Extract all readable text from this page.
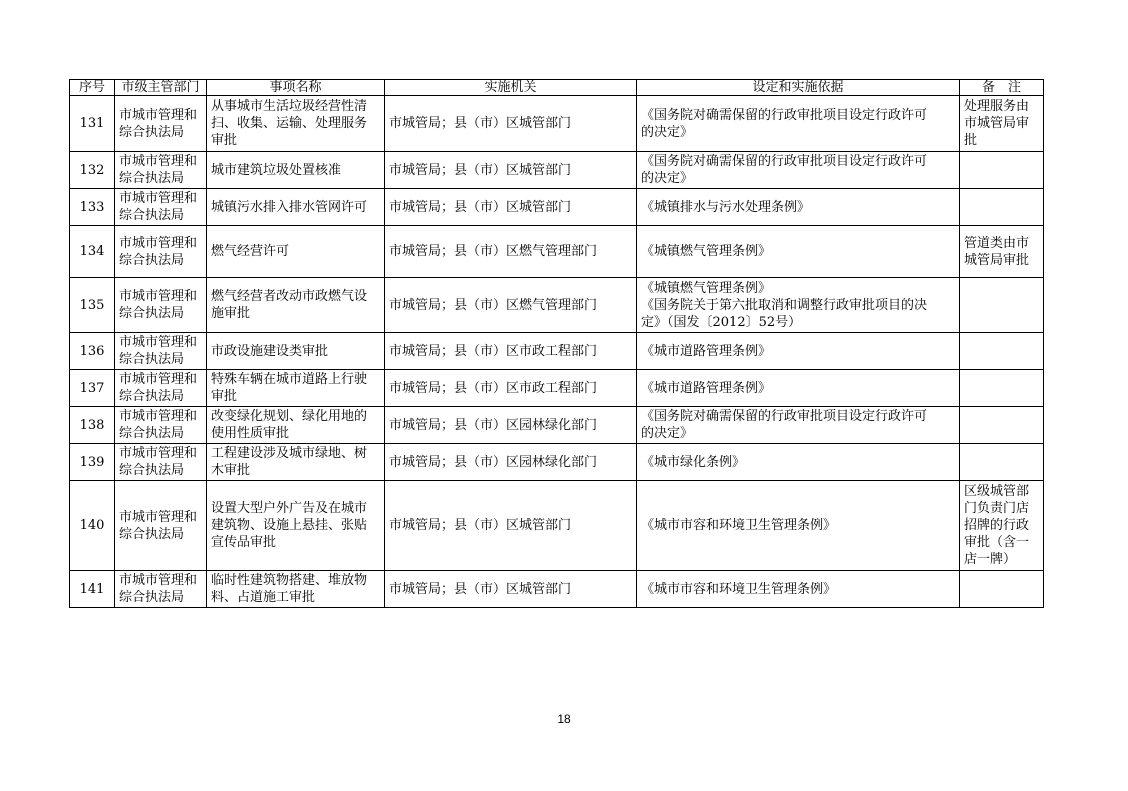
序号	市级主管部门	事项名称	实施机关	设定和实施依据	备　注
131	市城市管理和
综合执法局	从事城市生活垃圾经营性清
扫、收集、运输、处理服务
审批	市城管局；县（市）区城管部门	《国务院对确需保留的行政审批项目设定行政许可
的决定》	处理服务由
市城管局审
批

132	市城市管理和
综合执法局	城市建筑垃圾处置核准	市城管局；县（市）区城管部门	《国务院对确需保留的行政审批项目设定行政许可
的决定》	

133	市城市管理和
综合执法局	城镇污水排入排水管网许可	市城管局；县（市）区城管部门	《城镇排水与污水处理条例》	

134	市城市管理和
综合执法局	燃气经营许可	市城管局；县（市）区燃气管理部门	《城镇燃气管理条例》	管道类由市
城管局审批

135	市城市管理和
综合执法局	燃气经营者改动市政燃气设
施审批	市城管局；县（市）区燃气管理部门	《城镇燃气管理条例》
《国务院关于第六批取消和调整行政审批项目的决
定》（国发〔2012〕52号）	

136	市城市管理和
综合执法局	市政设施建设类审批	市城管局；县（市）区市政工程部门	《城市道路管理条例》	

137	市城市管理和
综合执法局	特殊车辆在城市道路上行驶
审批	市城管局；县（市）区市政工程部门	《城市道路管理条例》	

138	市城市管理和
综合执法局	改变绿化规划、绿化用地的
使用性质审批	市城管局；县（市）区园林绿化部门	《国务院对确需保留的行政审批项目设定行政许可
的决定》	

139	市城市管理和
综合执法局	工程建设涉及城市绿地、树
木审批	市城管局；县（市）区园林绿化部门	《城市绿化条例》	

140	市城市管理和
综合执法局	设置大型户外广告及在城市
建筑物、设施上悬挂、张贴
宣传品审批	市城管局；县（市）区城管部门	《城市市容和环境卫生管理条例》	区级城管部
门负责门店
招牌的行政
审批（含一
店一牌）

141	市城市管理和
综合执法局	临时性建筑物搭建、堆放物
料、占道施工审批	市城管局；县（市）区城管部门	《城市市容和环境卫生管理条例》	

18
